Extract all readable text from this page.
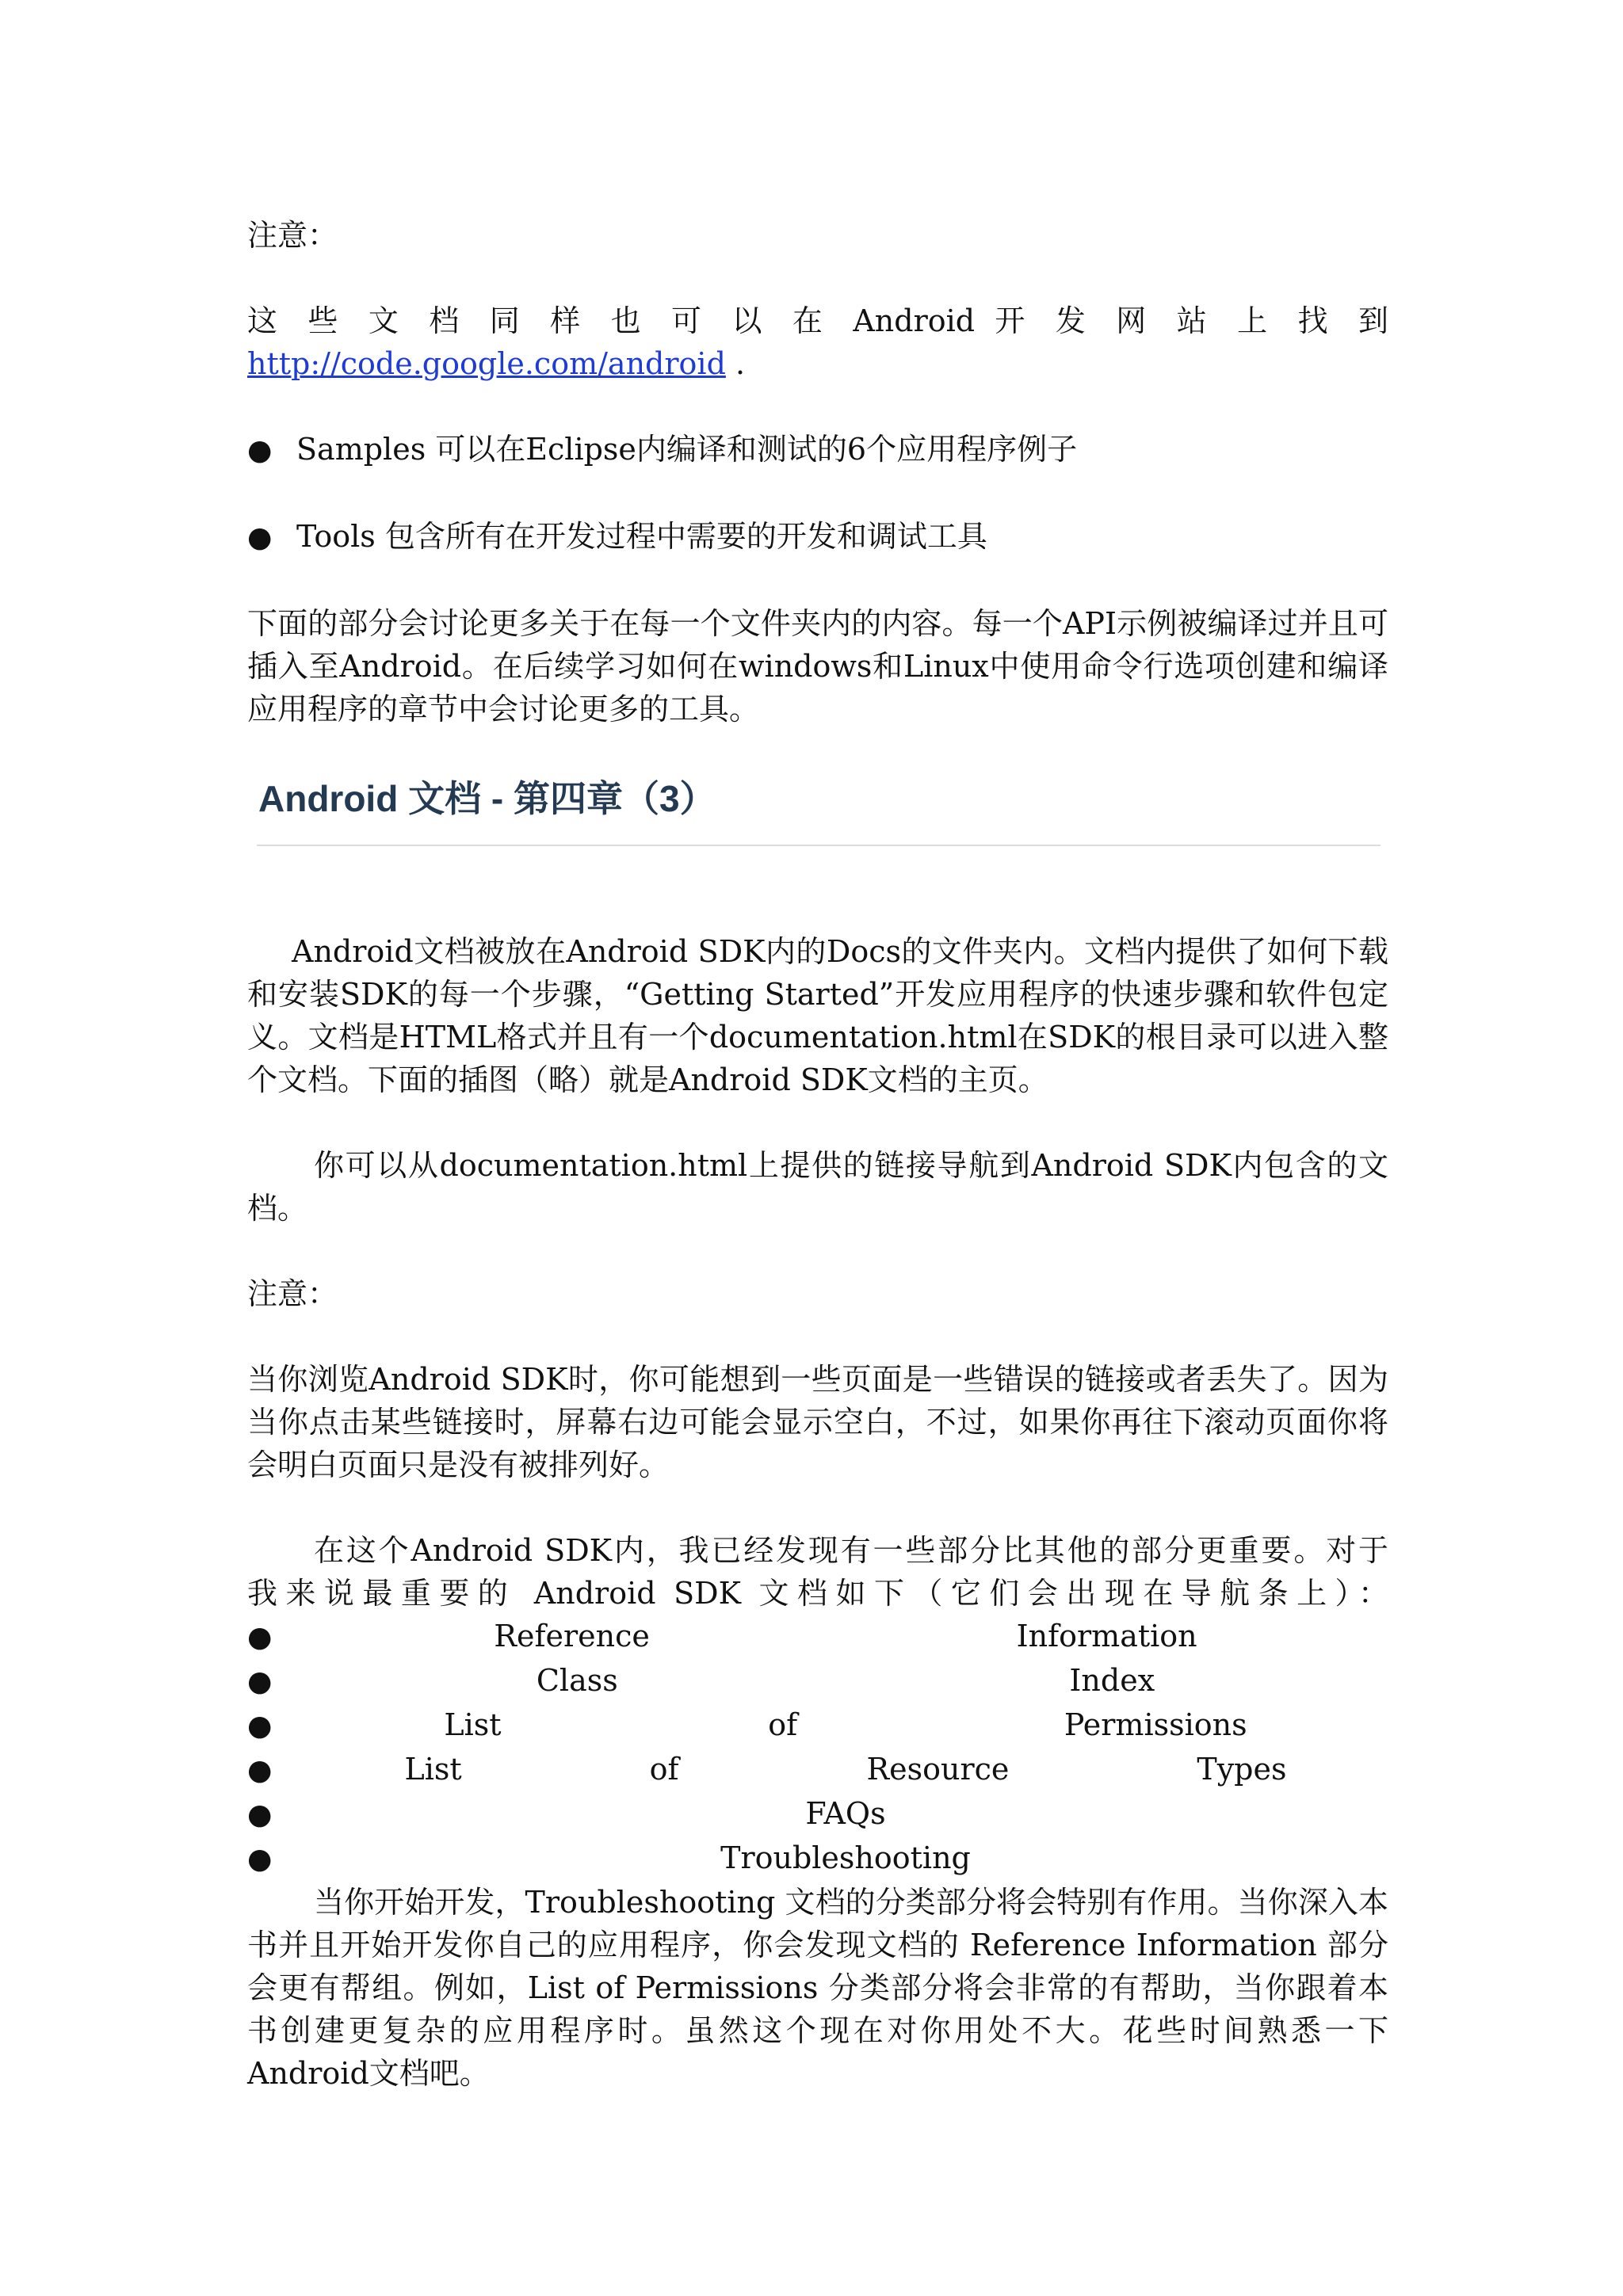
注意：

这 些 文 档 同 样 也 可 以 在 Android 开 发 网 站 上 找 到
http://code.google.com/android .

● Samples 可以在Eclipse内编译和测试的6个应用程序例子
● Tools 包含所有在开发过程中需要的开发和调试工具

下面的部分会讨论更多关于在每一个文件夹内的内容。每一个API示例被编译过并且可插入至Android。在后续学习如何在windows和Linux中使用命令行选项创建和编译应用程序的章节中会讨论更多的工具。

Android 文档 - 第四章（3）

Android文档被放在Android SDK内的Docs的文件夹内。文档内提供了如何下载和安装SDK的每一个步骤，“Getting Started”开发应用程序的快速步骤和软件包定义。文档是HTML格式并且有一个documentation.html在SDK的根目录可以进入整个文档。下面的插图（略）就是Android SDK文档的主页。

你可以从documentation.html上提供的链接导航到Android SDK内包含的文档。

注意：

当你浏览Android SDK时，你可能想到一些页面是一些错误的链接或者丢失了。因为当你点击某些链接时，屏幕右边可能会显示空白，不过，如果你再往下滚动页面你将会明白页面只是没有被排列好。

在这个Android SDK内，我已经发现有一些部分比其他的部分更重要。对于
我来说最重要的 Android SDK 文档如下（它们会出现在导航条上）：

●	Reference	Information
●	Class	Index
●	List	of	Permissions
●	List	of	Resource	Types
●	FAQs
●	Troubleshooting

当你开始开发，Troubleshooting 文档的分类部分将会特别有作用。当你深入本书并且开始开发你自己的应用程序，你会发现文档的 Reference Information 部分会更有帮组。例如，List of Permissions 分类部分将会非常的有帮助，当你跟着本书创建更复杂的应用程序时。虽然这个现在对你用处不大。花些时间熟悉一下Android文档吧。
